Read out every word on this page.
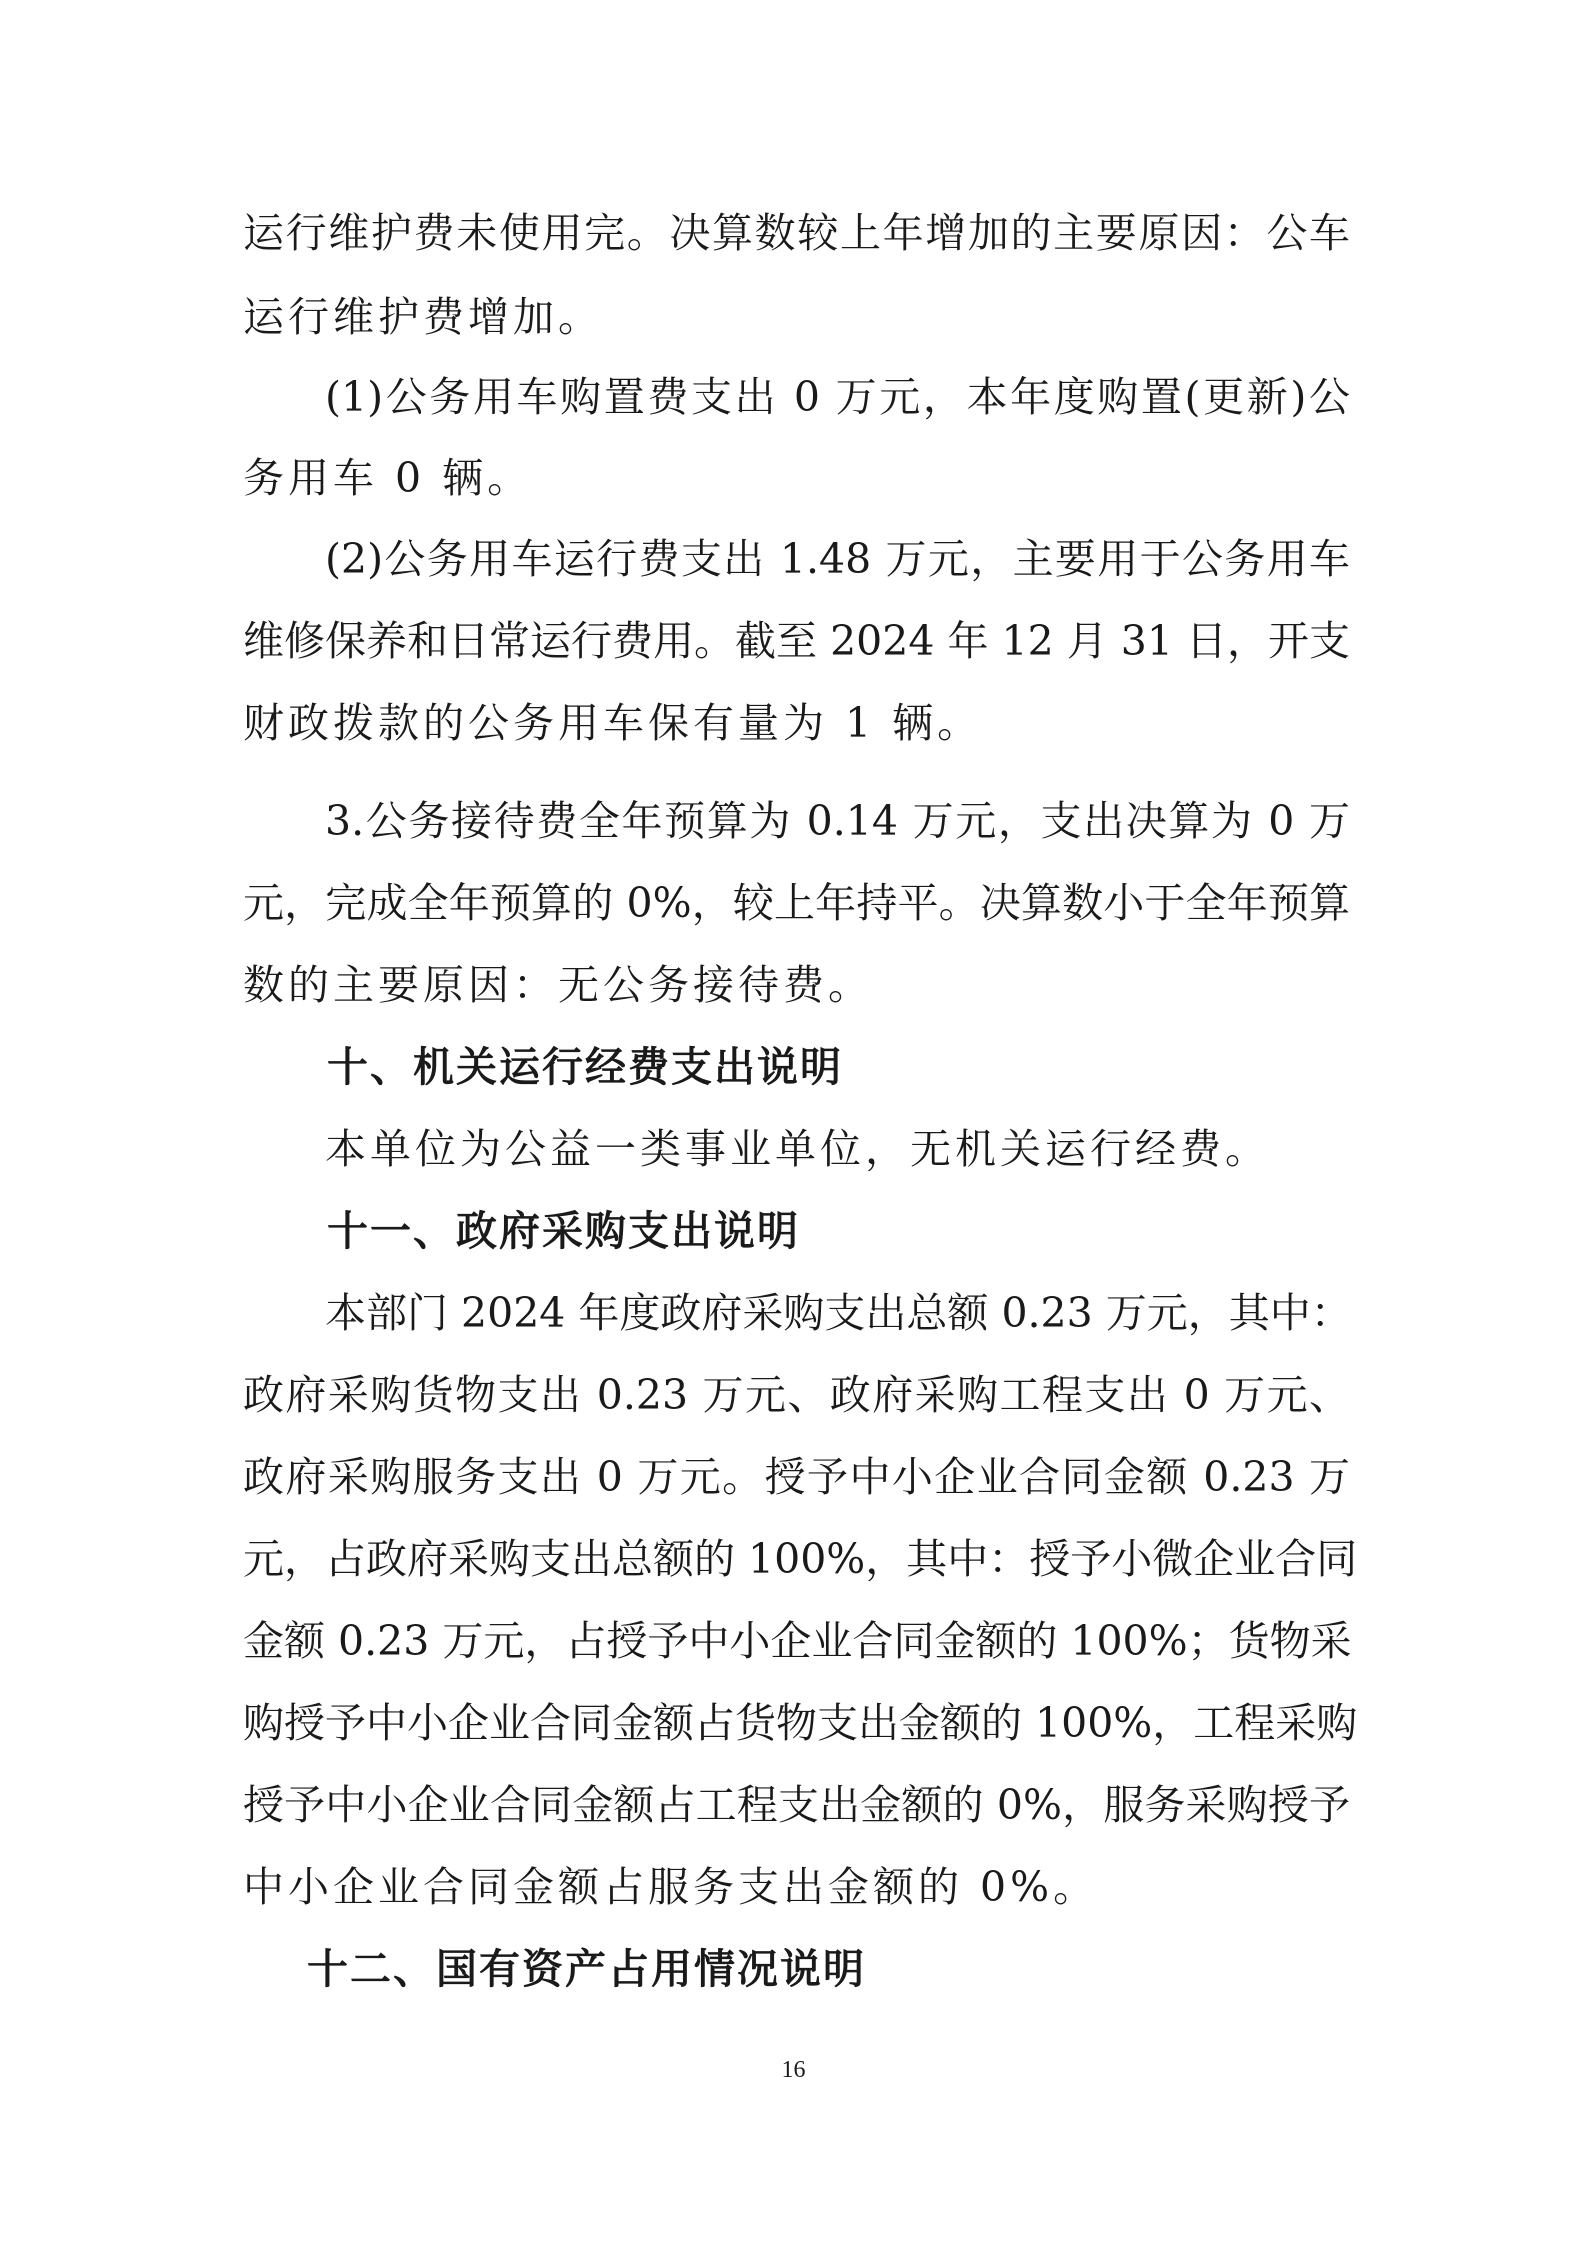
运行维护费未使用完。决算数较上年增加的主要原因：公车
运行维护费增加。
(1)公务用车购置费支出 0 万元，本年度购置(更新)公
务用车 0 辆。
(2)公务用车运行费支出 1.48 万元，主要用于公务用车
维修保养和日常运行费用。截至 2024 年 12 月 31 日，开支
财政拨款的公务用车保有量为 1 辆。
3.公务接待费全年预算为 0.14 万元，支出决算为 0 万
元，完成全年预算的 0%，较上年持平。决算数小于全年预算
数的主要原因：无公务接待费。
十、机关运行经费支出说明
本单位为公益一类事业单位，无机关运行经费。
十一、政府采购支出说明
本部门 2024 年度政府采购支出总额 0.23 万元，其中：
政府采购货物支出 0.23 万元、政府采购工程支出 0 万元、
政府采购服务支出 0 万元。授予中小企业合同金额 0.23 万
元，占政府采购支出总额的 100%，其中：授予小微企业合同
金额 0.23 万元，占授予中小企业合同金额的 100%；货物采
购授予中小企业合同金额占货物支出金额的 100%，工程采购
授予中小企业合同金额占工程支出金额的 0%，服务采购授予
中小企业合同金额占服务支出金额的 0%。
十二、国有资产占用情况说明
16
